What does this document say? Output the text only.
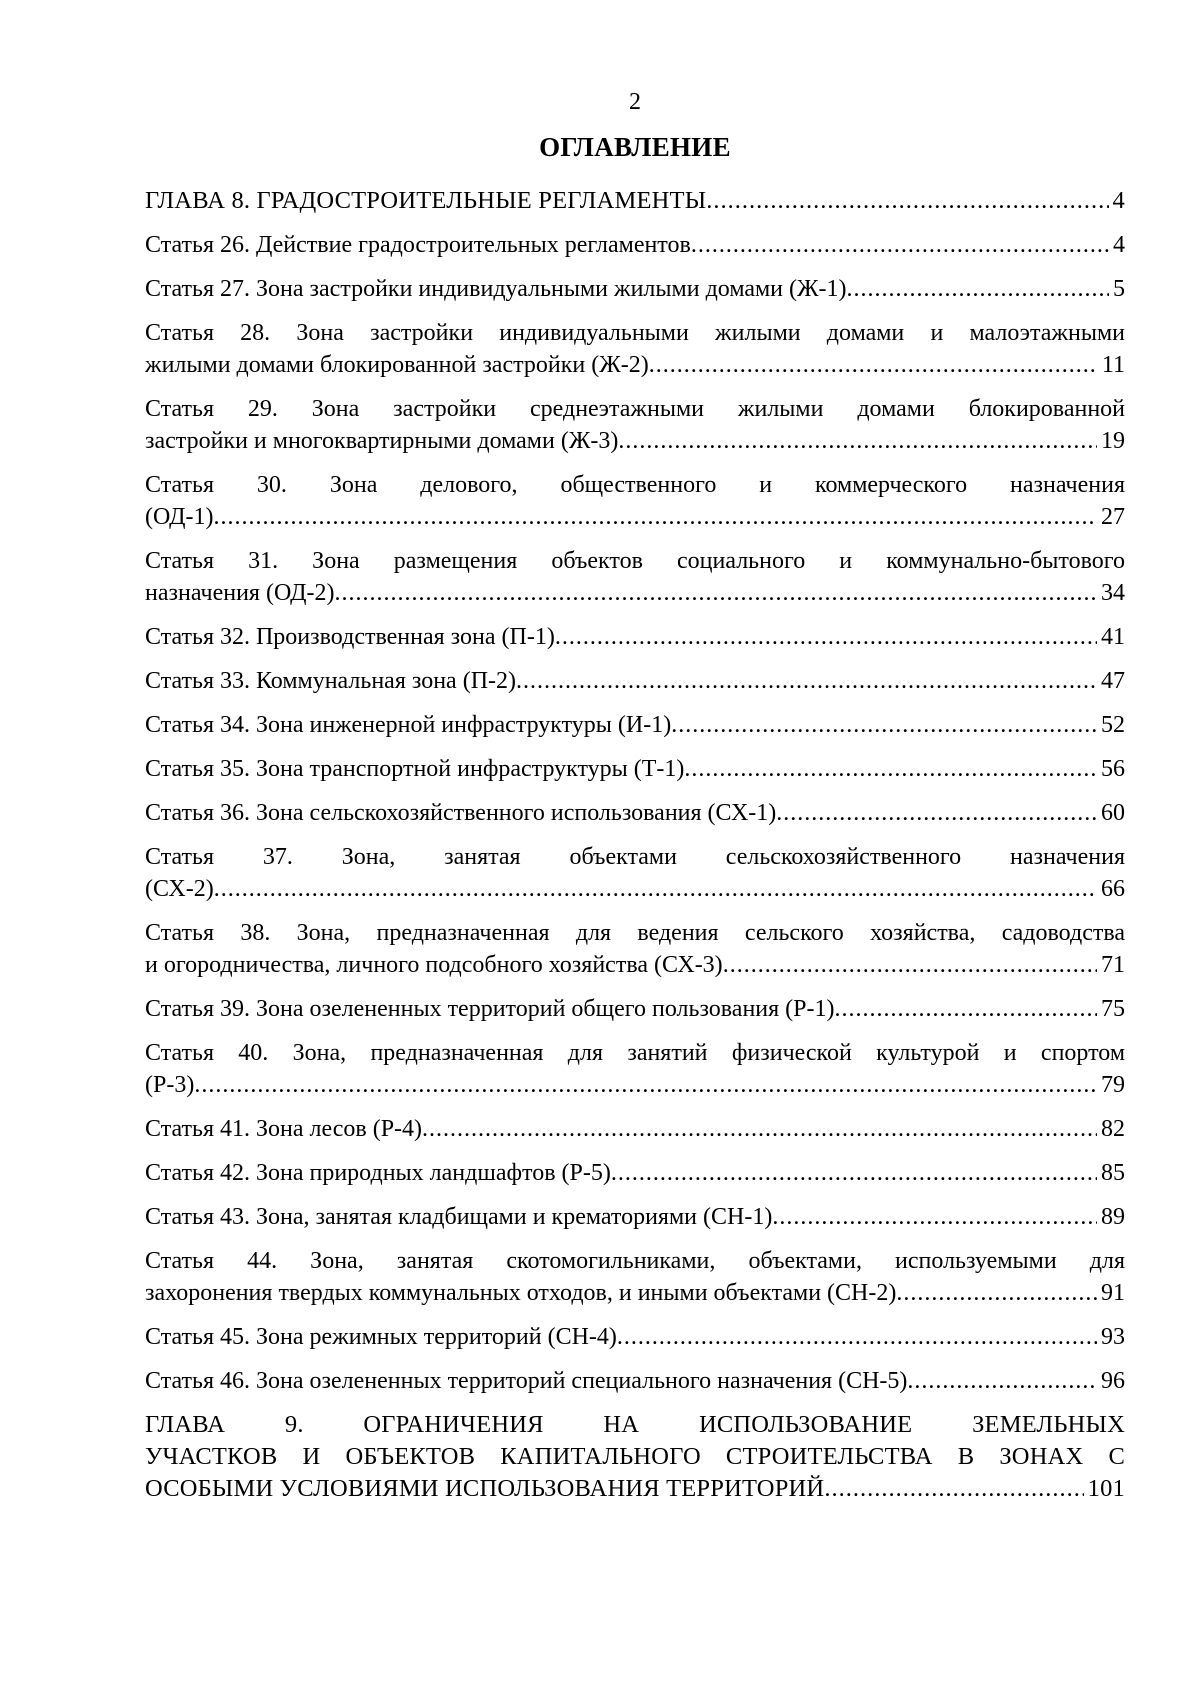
2
ОГЛАВЛЕНИЕ
ГЛАВА 8. ГРАДОСТРОИТЕЛЬНЫЕ РЕГЛАМЕНТЫ .....	4
Статья 26. Действие градостроительных регламентов .....	4
Статья 27. Зона застройки индивидуальными жилыми домами (Ж-1) .....	5
Статья 28. Зона застройки индивидуальными жилыми домами и малоэтажными
жилыми домами блокированной застройки (Ж-2) .....	11
Статья 29. Зона застройки среднеэтажными жилыми домами блокированной
застройки и многоквартирными домами (Ж-3) .....	19
Статья 30. Зона делового, общественного и коммерческого назначения
(ОД-1) .....	27
Статья 31. Зона размещения объектов социального и коммунально-бытового
назначения (ОД-2) .....	34
Статья 32. Производственная зона (П-1) .....	41
Статья 33. Коммунальная зона (П-2) .....	47
Статья 34. Зона инженерной инфраструктуры (И-1) .....	52
Статья 35. Зона транспортной инфраструктуры (Т-1) .....	56
Статья 36. Зона сельскохозяйственного использования (СХ-1) .....	60
Статья 37. Зона, занятая объектами сельскохозяйственного назначения
(СХ-2) .....	66
Статья 38. Зона, предназначенная для ведения сельского хозяйства, садоводства
и огородничества, личного подсобного хозяйства (СХ-3) .....	71
Статья 39. Зона озелененных территорий общего пользования (Р-1) .....	75
Статья 40. Зона, предназначенная для занятий физической культурой и спортом
(Р-3) .....	79
Статья 41. Зона лесов (Р-4) .....	82
Статья 42. Зона природных ландшафтов (Р-5) .....	85
Статья 43. Зона, занятая кладбищами и крематориями (СН-1) .....	89
Статья 44. Зона, занятая скотомогильниками, объектами, используемыми для
захоронения твердых коммунальных отходов, и иными объектами (СН-2) .....	91
Статья 45. Зона режимных территорий (СН-4) .....	93
Статья 46. Зона озелененных территорий специального назначения (СН-5) .....	96
ГЛАВА 9. ОГРАНИЧЕНИЯ НА ИСПОЛЬЗОВАНИЕ ЗЕМЕЛЬНЫХ
УЧАСТКОВ И ОБЪЕКТОВ КАПИТАЛЬНОГО СТРОИТЕЛЬСТВА В ЗОНАХ С
ОСОБЫМИ УСЛОВИЯМИ ИСПОЛЬЗОВАНИЯ ТЕРРИТОРИЙ .....	101
